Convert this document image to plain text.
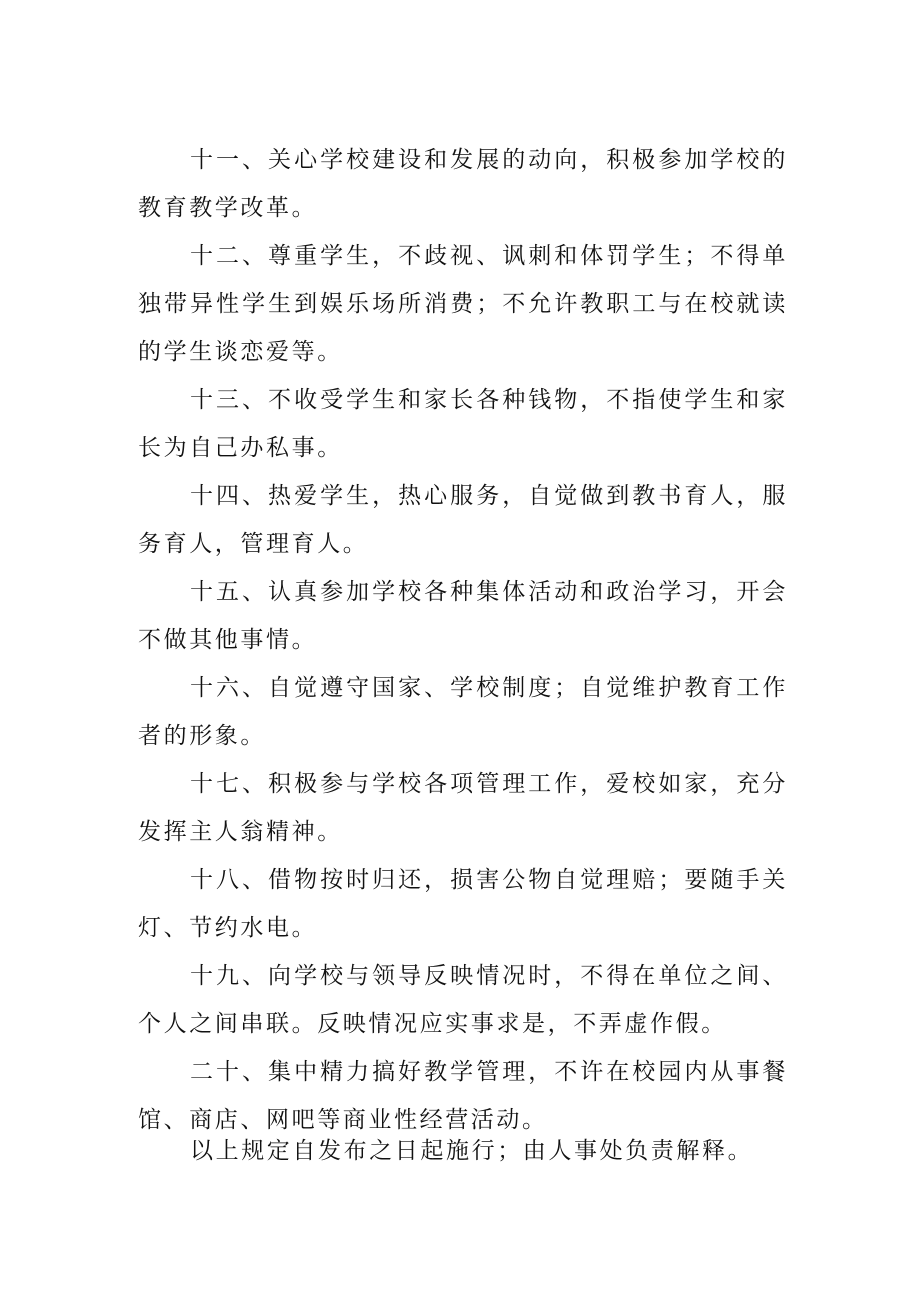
十一、关心学校建设和发展的动向，积极参加学校的教育教学改革。

十二、尊重学生，不歧视、讽刺和体罚学生；不得单独带异性学生到娱乐场所消费；不允许教职工与在校就读的学生谈恋爱等。

十三、不收受学生和家长各种钱物，不指使学生和家长为自己办私事。

十四、热爱学生，热心服务，自觉做到教书育人，服务育人，管理育人。

十五、认真参加学校各种集体活动和政治学习，开会不做其他事情。

十六、自觉遵守国家、学校制度；自觉维护教育工作者的形象。

十七、积极参与学校各项管理工作，爱校如家，充分发挥主人翁精神。

十八、借物按时归还，损害公物自觉理赔；要随手关灯、节约水电。

十九、向学校与领导反映情况时，不得在单位之间、个人之间串联。反映情况应实事求是，不弄虚作假。

二十、集中精力搞好教学管理，不许在校园内从事餐馆、商店、网吧等商业性经营活动。

以上规定自发布之日起施行；由人事处负责解释。
